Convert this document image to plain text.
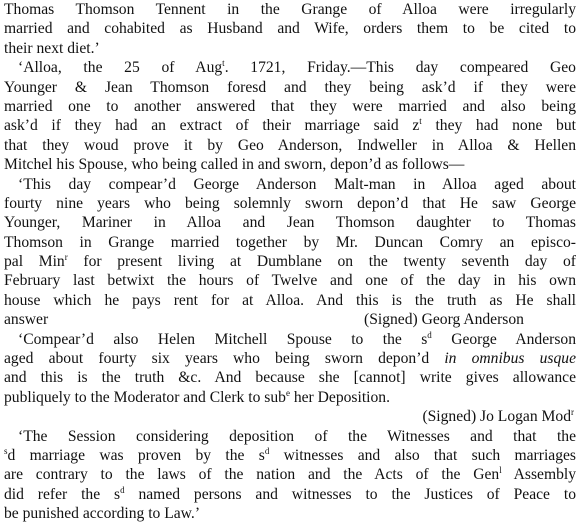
Thomas Thomson Tennent in the Grange of Alloa were irregularly
married and cohabited as Husband and Wife, orders them to be cited to
their next diet.’
‘Alloa, the 25 of Aug$^t$. 1721, Friday.—This day compeared Geo
Younger & Jean Thomson foresd and they being ask’d if they were
married one to another answered that they were married and also being
ask’d if they had an extract of their marriage said $z^t$ they had none but
that they woud prove it by Geo Anderson, Indweller in Alloa & Hellen
Mitchel his Spouse, who being called in and sworn, depon’d as follows—
‘This day compear’d George Anderson Malt-man in Alloa aged about
fourty nine years who being solemnly sworn depon’d that He saw George
Younger, Mariner in Alloa and Jean Thomson daughter to Thomas
Thomson in Grange married together by Mr. Duncan Comry an episco-
pal Min$^r$ for present living at Dumblane on the twenty seventh day of
February last betwixt the hours of Twelve and one of the day in his own
house which he pays rent for at Alloa. And this is the truth as He shall
answer	(Signed) Georg Anderson
‘Compear’d also Helen Mitchell Spouse to the $s^d$ George Anderson
aged about fourty six years who being sworn depon’d in omnibus usque
and this is the truth &c. And because she [cannot] write gives allowance
publiquely to the Moderator and Clerk to sub$^e$ her Deposition.
(Signed) Jo Logan Mod$^r$
‘The Session considering deposition of the Witnesses and that the
$^s$d marriage was proven by the $s^d$ witnesses and also that such marriages
are contrary to the laws of the nation and the Acts of the Gen$^l$ Assembly
did refer the $s^d$ named persons and witnesses to the Justices of Peace to
be punished according to Law.’
